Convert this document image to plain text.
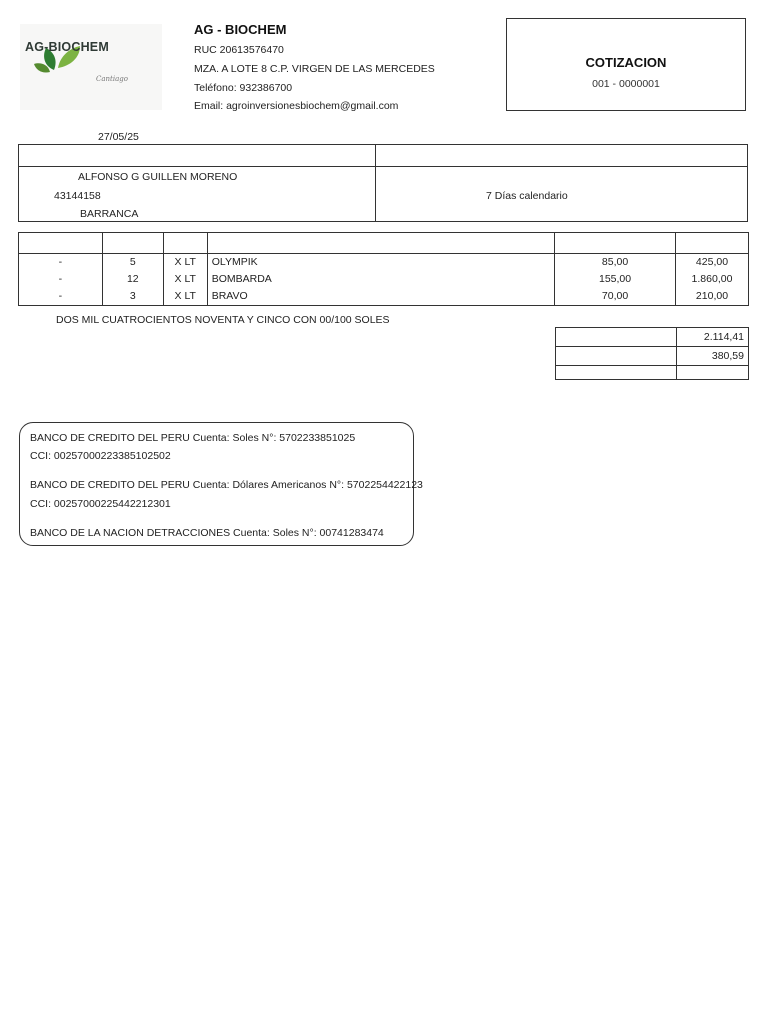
AG-BIOCHEM
Cantiago
AG - BIOCHEM
RUC 20613576470
MZA. A LOTE 8 C.P. VIRGEN DE LAS MERCEDES
Teléfono: 932386700
Email: agroinversionesbiochem@gmail.com
COTIZACION
001 - 0000001
27/05/25
ALFONSO G GUILLEN MORENO
43144158
BARRANCA
7 Días calendario

-	5	X LT	OLYMPIK	85,00	425,00
-	12	X LT	BOMBARDA	155,00	1.860,00
-	3	X LT	BRAVO	70,00	210,00
DOS MIL CUATROCIENTOS NOVENTA Y CINCO CON 00/100 SOLES
	2.114,41
	380,59

BANCO DE CREDITO DEL PERU Cuenta: Soles N°: 5702233851025
CCI: 00257000223385102502
BANCO DE CREDITO DEL PERU Cuenta: Dólares Americanos N°: 5702254422123
CCI: 00257000225442212301
BANCO DE LA NACION DETRACCIONES Cuenta: Soles N°: 00741283474
